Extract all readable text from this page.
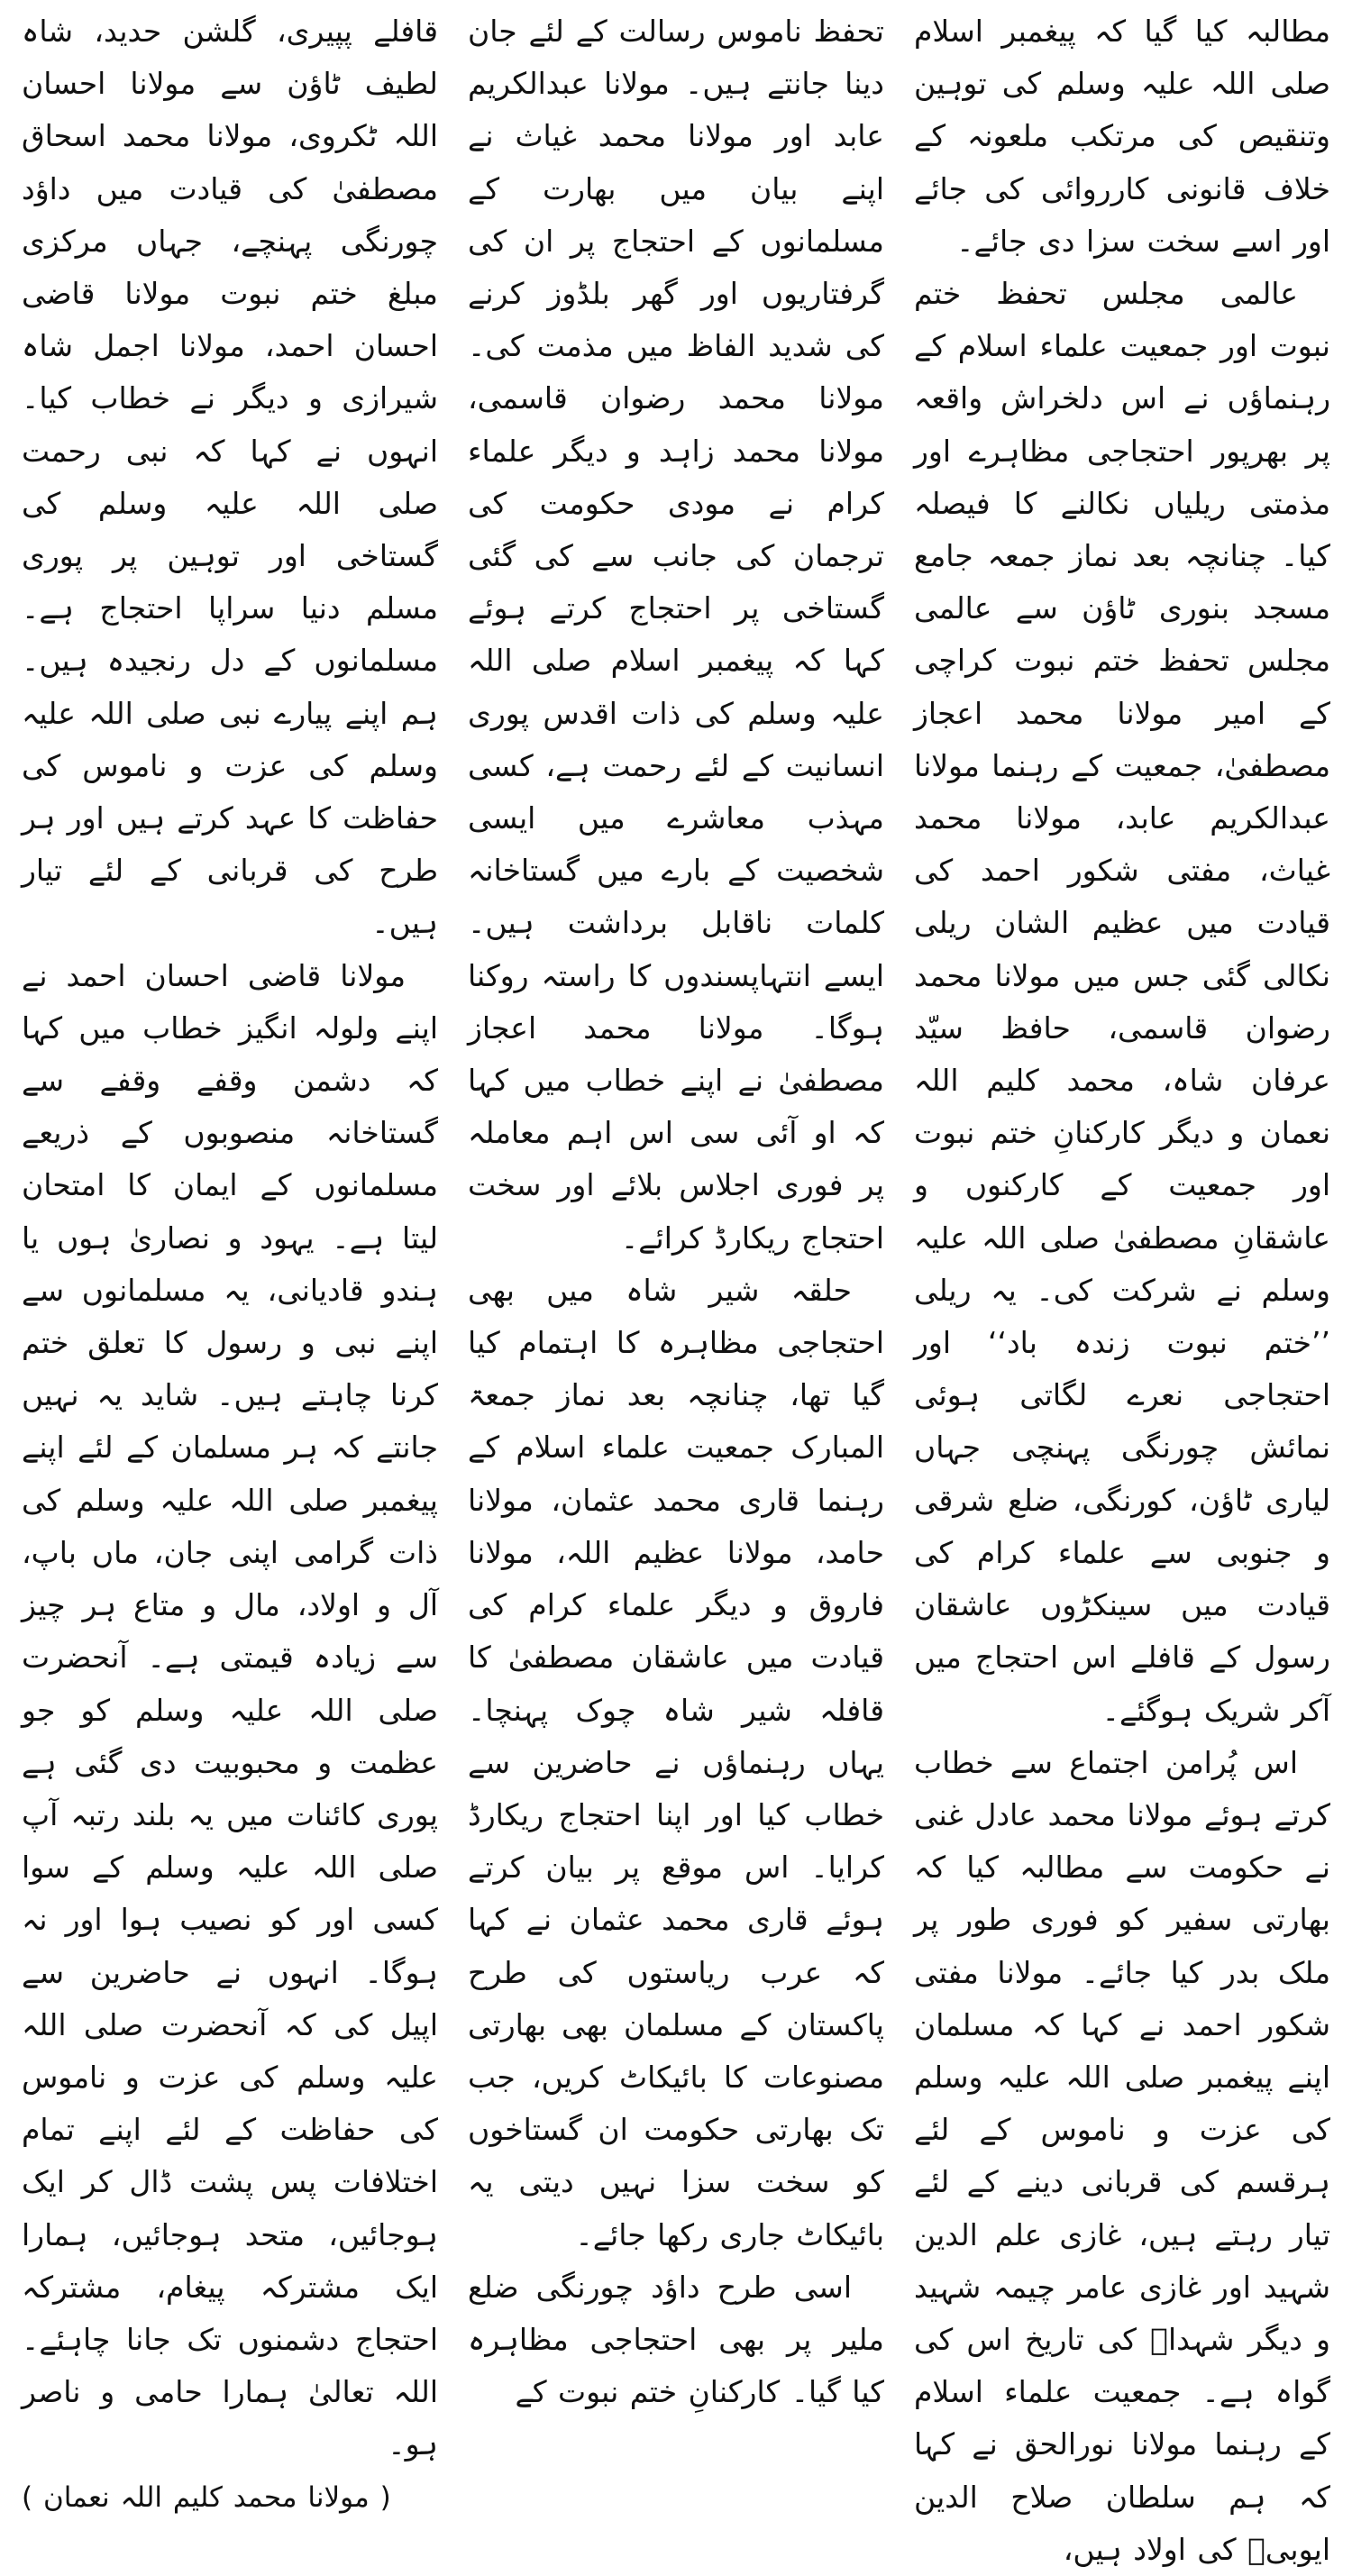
مطالبہ کیا گیا کہ پیغمبر اسلام صلی اللہ علیہ وسلم کی توہین وتنقیص کی مرتکب ملعونہ کے خلاف قانونی کارروائی کی جائے اور اسے سخت سزا دی جائے۔

عالمی مجلس تحفظ ختم نبوت اور جمعیت علماء اسلام کے رہنماؤں نے اس دلخراش واقعہ پر بھرپور احتجاجی مظاہرے اور مذمتی ریلیاں نکالنے کا فیصلہ کیا۔ چنانچہ بعد نماز جمعہ جامع مسجد بنوری ٹاؤن سے عالمی مجلس تحفظ ختم نبوت کراچی کے امیر مولانا محمد اعجاز مصطفیٰ، جمعیت کے رہنما مولانا عبدالکریم عابد، مولانا محمد غیاث، مفتی شکور احمد کی قیادت میں عظیم الشان ریلی نکالی گئی جس میں مولانا محمد رضوان قاسمی، حافظ سیّد عرفان شاہ، محمد کلیم اللہ نعمان و دیگر کارکنانِ ختم نبوت اور جمعیت کے کارکنوں و عاشقانِ مصطفیٰ صلی اللہ علیہ وسلم نے شرکت کی۔ یہ ریلی ’’ختم نبوت زندہ باد‘‘ اور احتجاجی نعرے لگاتی ہوئی نمائش چورنگی پہنچی جہاں لیاری ٹاؤن، کورنگی، ضلع شرقی و جنوبی سے علماء کرام کی قیادت میں سینکڑوں عاشقان رسول کے قافلے اس احتجاج میں آکر شریک ہوگئے۔

اس پُرامن اجتماع سے خطاب کرتے ہوئے مولانا محمد عادل غنی نے حکومت سے مطالبہ کیا کہ بھارتی سفیر کو فوری طور پر ملک بدر کیا جائے۔ مولانا مفتی شکور احمد نے کہا کہ مسلمان اپنے پیغمبر صلی اللہ علیہ وسلم کی عزت و ناموس کے لئے ہرقسم کی قربانی دینے کے لئے تیار رہتے ہیں، غازی علم الدین شہید اور غازی عامر چیمہ شہید و دیگر شہداؑ کی تاریخ اس کی گواہ ہے۔ جمعیت علماء اسلام کے رہنما مولانا نورالحق نے کہا کہ ہم سلطان صلاح الدین ایوبیؒ کی اولاد ہیں،

تحفظ ناموس رسالت کے لئے جان دینا جانتے ہیں۔ مولانا عبدالکریم عابد اور مولانا محمد غیاث نے اپنے بیان میں بھارت کے مسلمانوں کے احتجاج پر ان کی گرفتاریوں اور گھر بلڈوز کرنے کی شدید الفاظ میں مذمت کی۔ مولانا محمد رضوان قاسمی، مولانا محمد زاہد و دیگر علماء کرام نے مودی حکومت کی ترجمان کی جانب سے کی گئی گستاخی پر احتجاج کرتے ہوئے کہا کہ پیغمبر اسلام صلی اللہ علیہ وسلم کی ذات اقدس پوری انسانیت کے لئے رحمت ہے، کسی مہذب معاشرے میں ایسی شخصیت کے بارے میں گستاخانہ کلمات ناقابل برداشت ہیں۔ ایسے انتہاپسندوں کا راستہ روکنا ہوگا۔ مولانا محمد اعجاز مصطفیٰ نے اپنے خطاب میں کہا کہ او آئی سی اس اہم معاملہ پر فوری اجلاس بلائے اور سخت احتجاج ریکارڈ کرائے۔

حلقہ شیر شاہ میں بھی احتجاجی مظاہرہ کا اہتمام کیا گیا تھا، چنانچہ بعد نماز جمعۃ المبارک جمعیت علماء اسلام کے رہنما قاری محمد عثمان، مولانا حامد، مولانا عظیم اللہ، مولانا فاروق و دیگر علماء کرام کی قیادت میں عاشقان مصطفیٰ کا قافلہ شیر شاہ چوک پہنچا۔ یہاں رہنماؤں نے حاضرین سے خطاب کیا اور اپنا احتجاج ریکارڈ کرایا۔ اس موقع پر بیان کرتے ہوئے قاری محمد عثمان نے کہا کہ عرب ریاستوں کی طرح پاکستان کے مسلمان بھی بھارتی مصنوعات کا بائیکاٹ کریں، جب تک بھارتی حکومت ان گستاخوں کو سخت سزا نہیں دیتی یہ بائیکاٹ جاری رکھا جائے۔

اسی طرح داؤد چورنگی ضلع ملیر پر بھی احتجاجی مظاہرہ کیا گیا۔ کارکنانِ ختم نبوت کے

قافلے پپیری، گلشن حدید، شاہ لطیف ٹاؤن سے مولانا احسان اللہ ٹکروی، مولانا محمد اسحاق مصطفیٰ کی قیادت میں داؤد چورنگی پہنچے، جہاں مرکزی مبلغ ختم نبوت مولانا قاضی احسان احمد، مولانا اجمل شاہ شیرازی و دیگر نے خطاب کیا۔ انہوں نے کہا کہ نبی رحمت صلی اللہ علیہ وسلم کی گستاخی اور توہین پر پوری مسلم دنیا سراپا احتجاج ہے۔ مسلمانوں کے دل رنجیدہ ہیں۔ ہم اپنے پیارے نبی صلی اللہ علیہ وسلم کی عزت و ناموس کی حفاظت کا عہد کرتے ہیں اور ہر طرح کی قربانی کے لئے تیار ہیں۔

مولانا قاضی احسان احمد نے اپنے ولولہ انگیز خطاب میں کہا کہ دشمن وقفے وقفے سے گستاخانہ منصوبوں کے ذریعے مسلمانوں کے ایمان کا امتحان لیتا ہے۔ یہود و نصاریٰ ہوں یا ہندو قادیانی، یہ مسلمانوں سے اپنے نبی و رسول کا تعلق ختم کرنا چاہتے ہیں۔ شاید یہ نہیں جانتے کہ ہر مسلمان کے لئے اپنے پیغمبر صلی اللہ علیہ وسلم کی ذات گرامی اپنی جان، ماں باپ، آل و اولاد، مال و متاع ہر چیز سے زیادہ قیمتی ہے۔ آنحضرت صلی اللہ علیہ وسلم کو جو عظمت و محبوبیت دی گئی ہے پوری کائنات میں یہ بلند رتبہ آپ صلی اللہ علیہ وسلم کے سوا کسی اور کو نصیب ہوا اور نہ ہوگا۔ انہوں نے حاضرین سے اپیل کی کہ آنحضرت صلی اللہ علیہ وسلم کی عزت و ناموس کی حفاظت کے لئے اپنے تمام اختلافات پس پشت ڈال کر ایک ہوجائیں، متحد ہوجائیں، ہمارا ایک مشترکہ پیغام، مشترکہ احتجاج دشمنوں تک جانا چاہئے۔ اللہ تعالیٰ ہمارا حامی و ناصر ہو۔

( مولانا محمد کلیم اللہ نعمان )
